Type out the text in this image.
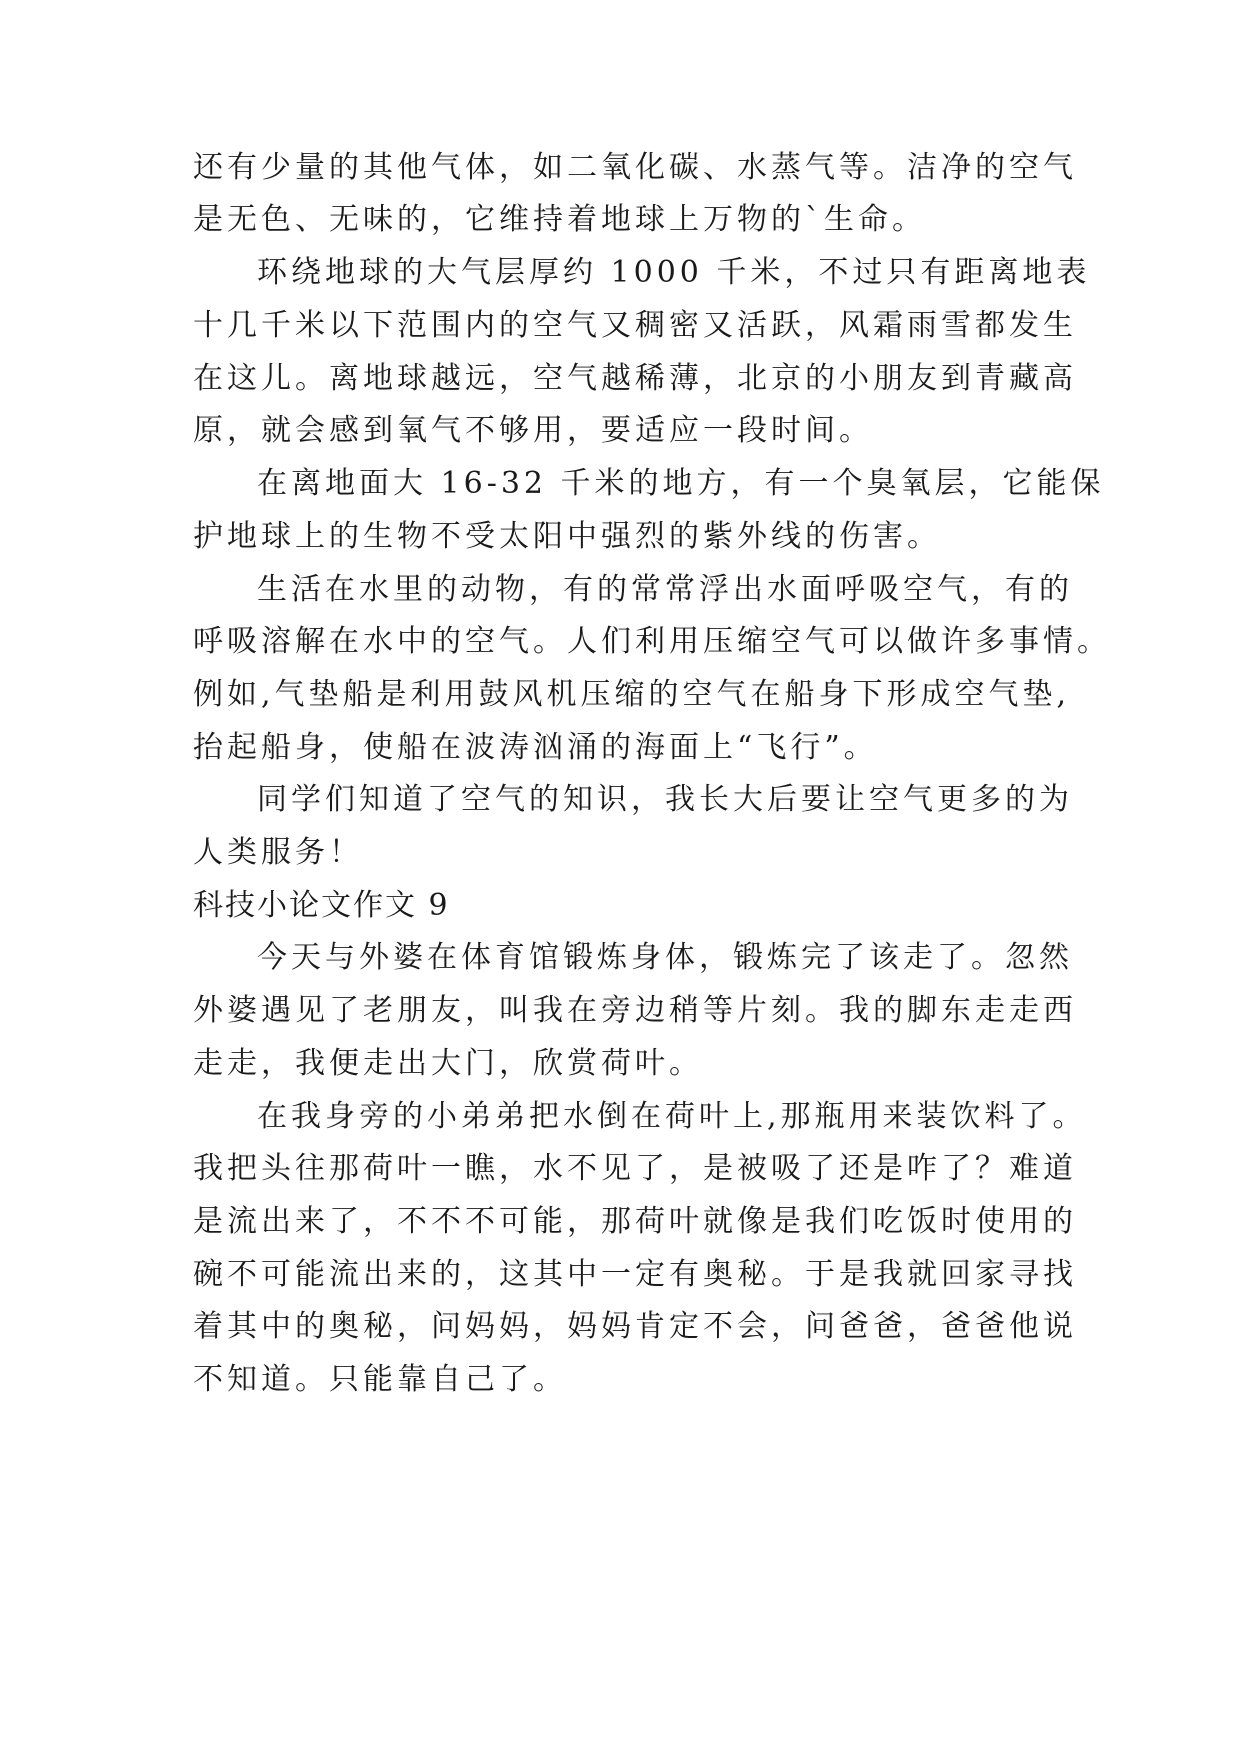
还有少量的其他气体，如二氧化碳、水蒸气等。洁净的空气
是无色、无味的，它维持着地球上万物的`生命。
环绕地球的大气层厚约 1000 千米，不过只有距离地表
十几千米以下范围内的空气又稠密又活跃，风霜雨雪都发生
在这儿。离地球越远，空气越稀薄，北京的小朋友到青藏高
原，就会感到氧气不够用，要适应一段时间。
在离地面大 16-32 千米的地方，有一个臭氧层，它能保
护地球上的生物不受太阳中强烈的紫外线的伤害。
生活在水里的动物，有的常常浮出水面呼吸空气，有的
呼吸溶解在水中的空气。人们利用压缩空气可以做许多事情。
例如,气垫船是利用鼓风机压缩的空气在船身下形成空气垫,
抬起船身，使船在波涛汹涌的海面上“飞行”。
同学们知道了空气的知识，我长大后要让空气更多的为
人类服务！
科技小论文作文 9
今天与外婆在体育馆锻炼身体，锻炼完了该走了。忽然
外婆遇见了老朋友，叫我在旁边稍等片刻。我的脚东走走西
走走，我便走出大门，欣赏荷叶。
在我身旁的小弟弟把水倒在荷叶上,那瓶用来装饮料了。
我把头往那荷叶一瞧，水不见了，是被吸了还是咋了？难道
是流出来了，不不不可能，那荷叶就像是我们吃饭时使用的
碗不可能流出来的，这其中一定有奥秘。于是我就回家寻找
着其中的奥秘，问妈妈，妈妈肯定不会，问爸爸，爸爸他说
不知道。只能靠自己了。
